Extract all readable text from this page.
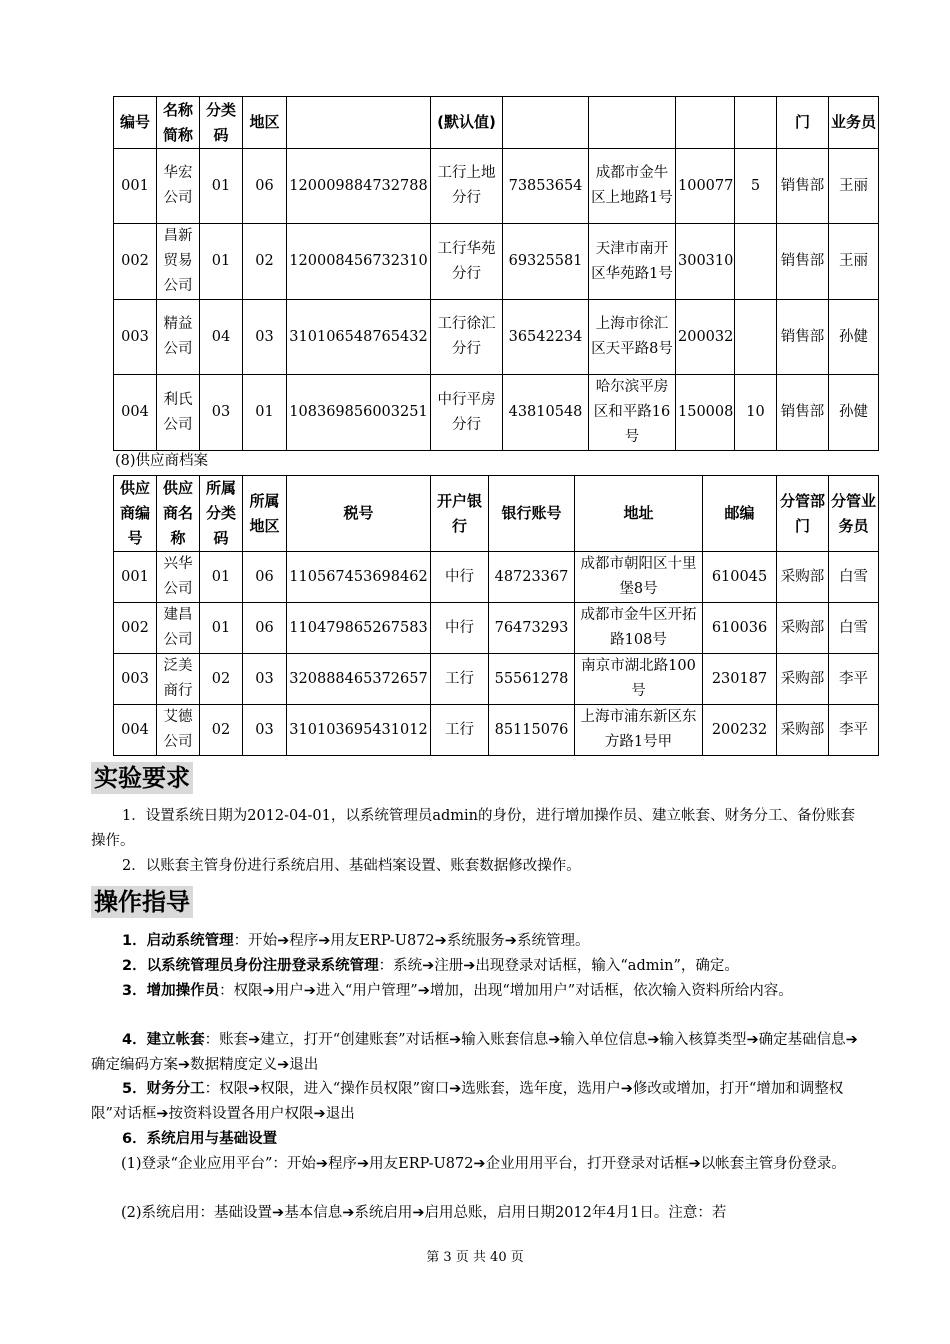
编号	名称简称	分类码	地区		(默认值)					门	业务员
001	华宏公司	01	06	120009884732788	工行上地分行	73853654	成都市金牛区上地路1号	100077	5	销售部	王丽
002	昌新贸易公司	01	02	120008456732310	工行华苑分行	69325581	天津市南开区华苑路1号	300310		销售部	王丽
003	精益公司	04	03	310106548765432	工行徐汇分行	36542234	上海市徐汇区天平路8号	200032		销售部	孙健
004	利氏公司	03	01	108369856003251	中行平房分行	43810548	哈尔滨平房区和平路16号	150008	10	销售部	孙健
(8)供应商档案
供应商编号	供应商名称	所属分类码	所属地区	税号	开户银行	银行账号	地址	邮编	分管部门	分管业务员
001	兴华公司	01	06	110567453698462	中行	48723367	成都市朝阳区十里堡8号	610045	采购部	白雪
002	建昌公司	01	06	110479865267583	中行	76473293	成都市金牛区开拓路108号	610036	采购部	白雪
003	泛美商行	02	03	320888465372657	工行	55561278	南京市湖北路100号	230187	采购部	李平
004	艾德公司	02	03	310103695431012	工行	85115076	上海市浦东新区东方路1号甲	200232	采购部	李平
实验要求

1．设置系统日期为2012-04-01，以系统管理员admin的身份，进行增加操作员、建立帐套、财务分工、备份账套操作。

2．以账套主管身份进行系统启用、基础档案设置、账套数据修改操作。

操作指导

1．启动系统管理：开始➔程序➔用友ERP-U872➔系统服务➔系统管理。

2．以系统管理员身份注册登录系统管理：系统➔注册➔出现登录对话框，输入“admin”，确定。

3．增加操作员：权限➔用户➔进入“用户管理”➔增加，出现“增加用户”对话框，依次输入资料所给内容。

4．建立帐套：账套➔建立，打开“创建账套”对话框➔输入账套信息➔输入单位信息➔输入核算类型➔确定基础信息➔确定编码方案➔数据精度定义➔退出

5．财务分工：权限➔权限，进入“操作员权限”窗口➔选账套，选年度，选用户➔修改或增加，打开“增加和调整权限”对话框➔按资料设置各用户权限➔退出

6．系统启用与基础设置

(1)登录“企业应用平台”：开始➔程序➔用友ERP-U872➔企业用用平台，打开登录对话框➔以帐套主管身份登录。

(2)系统启用：基础设置➔基本信息➔系统启用➔启用总账，启用日期2012年4月1日。注意：若

第 3 页 共 40 页
